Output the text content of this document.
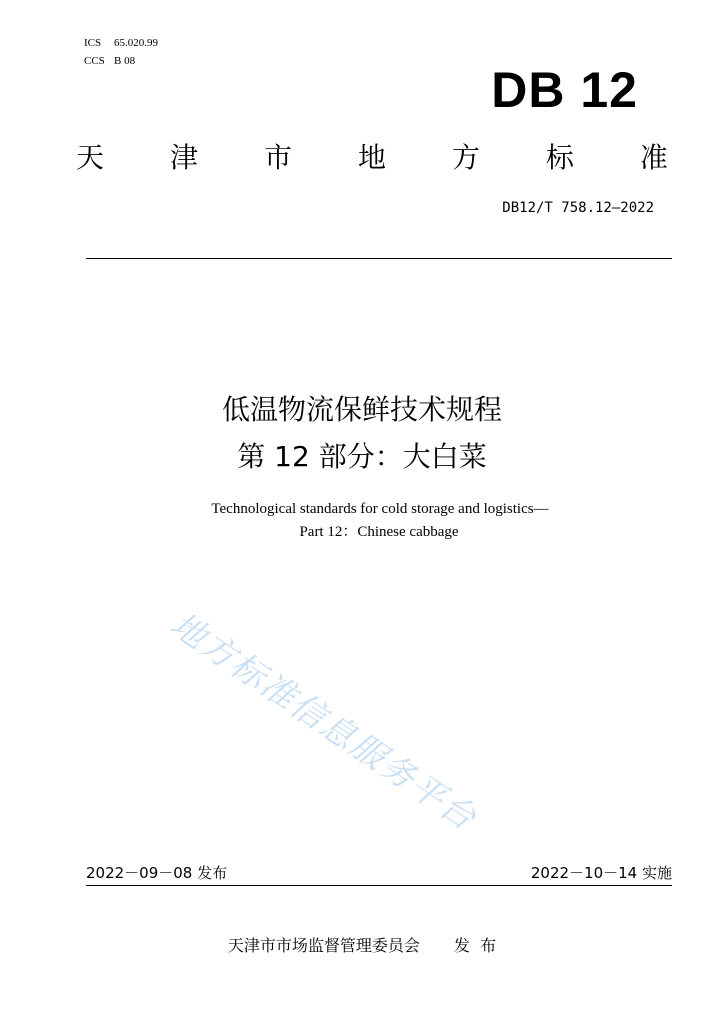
ICS 65.020.99
CCS B 08
DB 12
天 津 市 地 方 标 准
DB12/T 758.12—2022
低温物流保鲜技术规程
第 12 部分：大白菜
Technological standards for cold storage and logistics—
Part 12：Chinese cabbage
地方标准信息服务平台
2022－09－08 发布	2022－10－14 实施
天津市市场监督管理委员会 发  布
